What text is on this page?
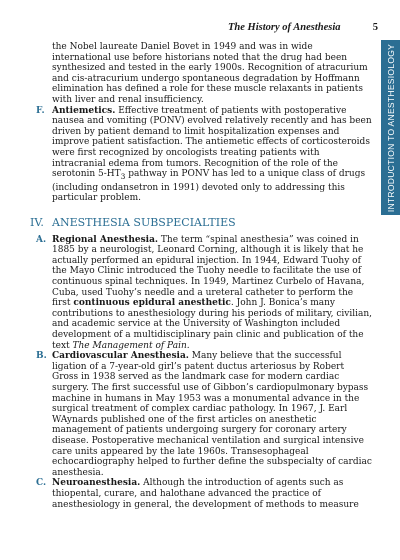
The History of Anesthesia	5
INTRODUCTION TO ANESTHESIOLOGY

the Nobel laureate Daniel Bovet in 1949 and was in wide international use before historians noted that the drug had been synthesized and tested in the early 1900s. Recognition of atracurium and cis-atracurium undergo spontaneous degradation by Hoffmann elimination has defined a role for these muscle relaxants in patients with liver and renal insufficiency.

F. Antiemetics. Effective treatment of patients with postoperative nausea and vomiting (PONV) evolved relatively recently and has been driven by patient demand to limit hospitalization expenses and improve patient satisfaction. The antiemetic effects of corticosteroids were first recognized by oncologists treating patients with intracranial edema from tumors. Recognition of the role of the serotonin $5-HT_3$ pathway in PONV has led to a unique class of drugs (including ondansetron in 1991) devoted only to addressing this particular problem.

IV. ANESTHESIA SUBSPECIALTIES
A. Regional Anesthesia. The term “spinal anesthesia” was coined in 1885 by a neurologist, Leonard Corning, although it is likely that he actually performed an epidural injection. In 1944, Edward Tuohy of the Mayo Clinic introduced the Tuohy needle to facilitate the use of continuous spinal techniques. In 1949, Martinez Curbelo of Havana, Cuba, used Tuohy’s needle and a ureteral catheter to perform the first continuous epidural anesthetic. John J. Bonica’s many contributions to anesthesiology during his periods of military, civilian, and academic service at the University of Washington included development of a multidisciplinary pain clinic and publication of the text The Management of Pain.

B. Cardiovascular Anesthesia. Many believe that the successful ligation of a 7-year-old girl’s patent ductus arteriosus by Robert Gross in 1938 served as the landmark case for modern cardiac surgery. The first successful use of Gibbon’s cardiopulmonary bypass machine in humans in May 1953 was a monumental advance in the surgical treatment of complex cardiac pathology. In 1967, J. Earl WAynards published one of the first articles on anesthetic management of patients undergoing surgery for coronary artery disease. Postoperative mechanical ventilation and surgical intensive care units appeared by the late 1960s. Transesophageal echocardiography helped to further define the subspecialty of cardiac anesthesia.

C. Neuroanesthesia. Although the introduction of agents such as thiopental, curare, and halothane advanced the practice of anesthesiology in general, the development of methods to measure
